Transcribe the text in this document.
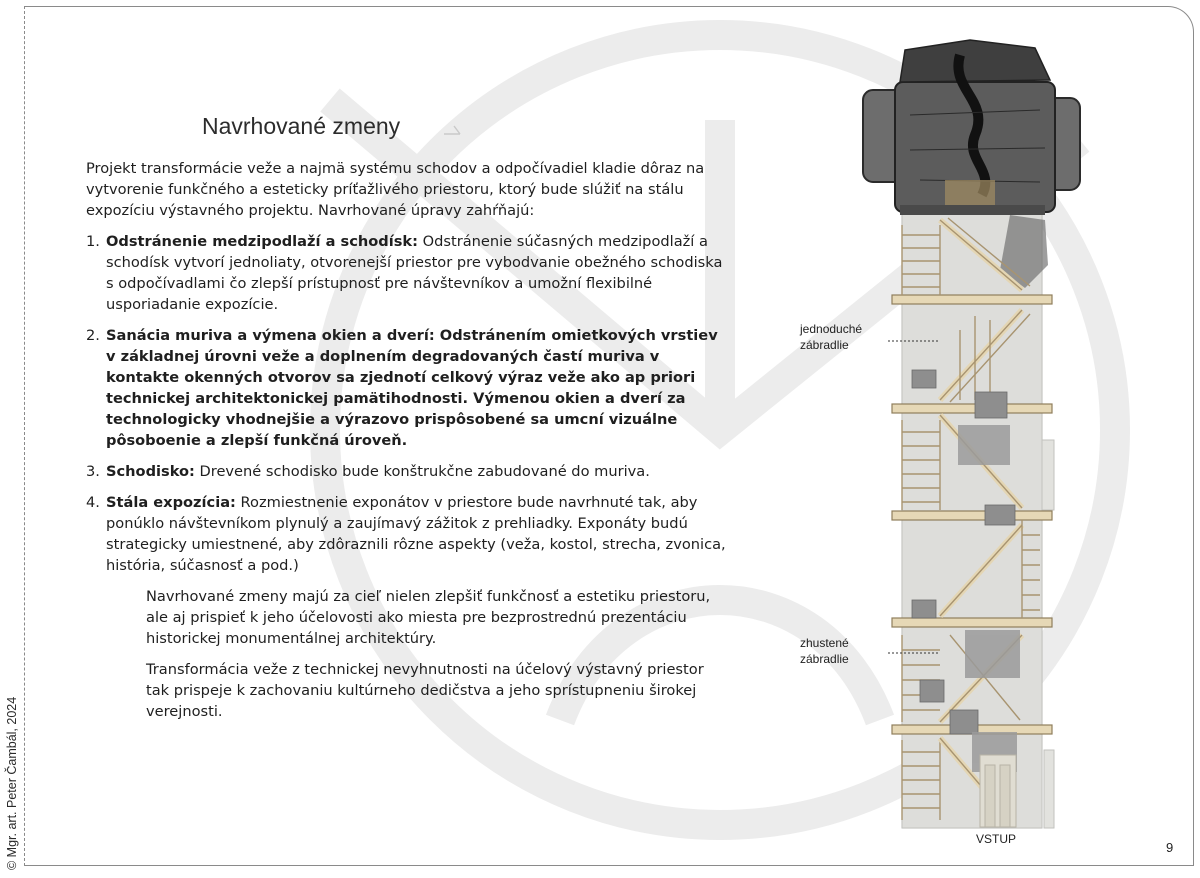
© Mgr. art. Peter Čambál, 2024
Navrhované zmeny

Projekt transformácie veže a najmä systému schodov a odpočívadiel kladie dôraz na vytvorenie funkčného a esteticky príťažlivého priestoru, ktorý bude slúžiť na stálu expozíciu výstavného projektu. Navrhované úpravy zahŕňajú:

1. Odstránenie medzipodlaží a schodísk: Odstránenie súčasných medzipodlaží a schodísk vytvorí jednoliaty, otvorenejší priestor pre vybodvanie obežného schodiska s odpočívadlami čo zlepší prístupnosť pre návštevníkov a umožní flexibilné usporiadanie expozície.
2. Sanácia muriva a výmena okien a dverí: Odstránením omietkových vrstiev v základnej úrovni veže a doplnením degradovaných častí muriva v kontakte okenných otvorov sa zjednotí celkový výraz veže ako ap priori technickej architektonickej pamätihodnosti. Výmenou okien a dverí za technologicky vhodnejšie a výrazovo prispôsobené sa umcní vizuálne pôsoboenie a zlepší funkčná úroveň.
3. Schodisko: Drevené schodisko bude konštrukčne zabudované do muriva.
4. Stála expozícia: Rozmiestnenie exponátov v priestore bude navrhnuté tak, aby ponúklo návštevníkom plynulý a zaujímavý zážitok z prehliadky. Exponáty budú strategicky umiestnené, aby zdôraznili rôzne aspekty (veža, kostol, strecha, zvonica, história, súčasnosť a pod.)

Navrhované zmeny majú za cieľ nielen zlepšiť funkčnosť a estetiku priestoru, ale aj prispieť k jeho účelovosti ako miesta pre bezprostrednú prezentáciu historickej monumentálnej architektúry.

Transformácia veže z technickej nevyhnutnosti na účelový výstavný priestor tak prispeje k zachovaniu kultúrneho dedičstva a jeho sprístupneniu širokej verejnosti.

jednoduché
zábradlie
zhustené
zábradlie
VSTUP
9
